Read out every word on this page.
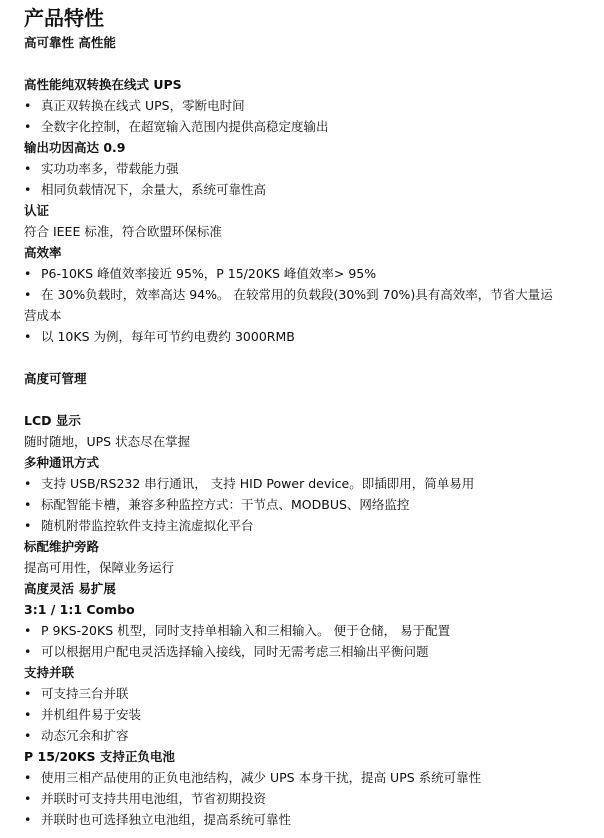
产品特性

高可靠性 高性能

高性能纯双转换在线式 UPS

• 真正双转换在线式 UPS，零断电时间

• 全数字化控制，在超宽输入范围内提供高稳定度输出

输出功因高达 0.9

• 实功功率多，带载能力强

• 相同负载情况下，余量大，系统可靠性高

认证

符合 IEEE 标准，符合欧盟环保标准

高效率

• P6-10KS 峰值效率接近 95%，P 15/20KS 峰值效率> 95%

• 在 30%负载时，效率高达 94%。 在较常用的负载段(30%到 70%)具有高效率，节省大量运

营成本

• 以 10KS 为例，每年可节约电费约 3000RMB

高度可管理

LCD 显示

随时随地，UPS 状态尽在掌握

多种通讯方式

• 支持 USB/RS232 串行通讯， 支持 HID Power device。即插即用，简单易用

• 标配智能卡槽，兼容多种监控方式：干节点、MODBUS、网络监控

• 随机附带监控软件支持主流虚拟化平台

标配维护旁路

提高可用性，保障业务运行

高度灵活 易扩展

3:1 / 1:1 Combo

• P 9KS-20KS 机型，同时支持单相输入和三相输入。 便于仓储， 易于配置

• 可以根据用户配电灵活选择输入接线，同时无需考虑三相输出平衡问题

支持并联

• 可支持三台并联

• 并机组件易于安装

• 动态冗余和扩容

P 15/20KS 支持正负电池

• 使用三相产品使用的正负电池结构，减少 UPS 本身干扰，提高 UPS 系统可靠性

• 并联时可支持共用电池组，节省初期投资

• 并联时也可选择独立电池组，提高系统可靠性
